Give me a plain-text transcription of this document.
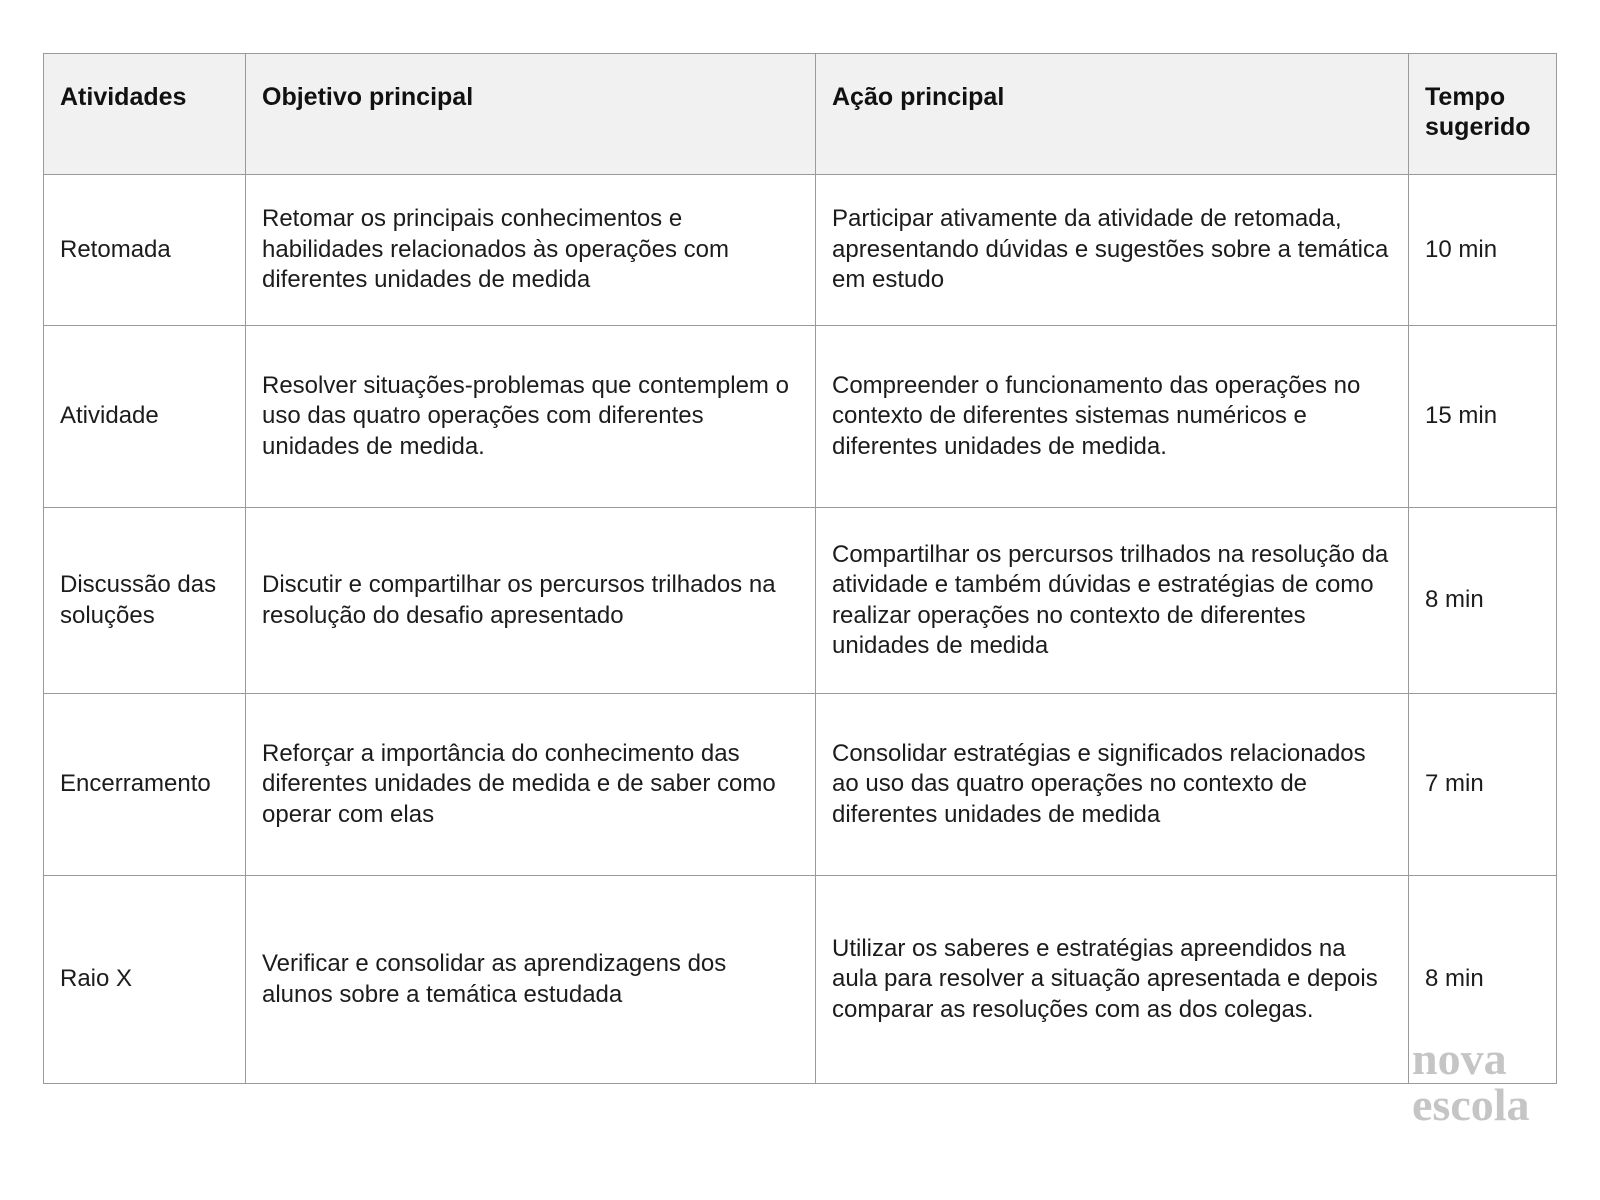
Atividades	Objetivo principal	Ação principal	Tempo sugerido
Retomada	Retomar os principais conhecimentos e habilidades relacionados às operações com diferentes unidades de medida	Participar ativamente da atividade de retomada, apresentando dúvidas e sugestões sobre a temática em estudo	10 min
Atividade	Resolver situações-problemas que contemplem o uso das quatro operações com diferentes unidades de medida.	Compreender o funcionamento das operações no contexto de diferentes sistemas numéricos e diferentes unidades de medida.	15 min
Discussão das soluções	Discutir e compartilhar os percursos trilhados na resolução do desafio apresentado	Compartilhar os percursos trilhados na resolução da atividade e também dúvidas e estratégias de como realizar operações no contexto de diferentes unidades de medida	8 min
Encerramento	Reforçar a importância do conhecimento das diferentes unidades de medida e de saber como operar com elas	Consolidar estratégias e significados relacionados ao uso das quatro operações no contexto de diferentes unidades de medida	7 min
Raio X	Verificar e consolidar as aprendizagens dos alunos sobre a temática estudada	Utilizar os saberes e estratégias apreendidos na aula para resolver a situação apresentada e depois comparar as resoluções com as dos colegas.	8 min
nova
escola
